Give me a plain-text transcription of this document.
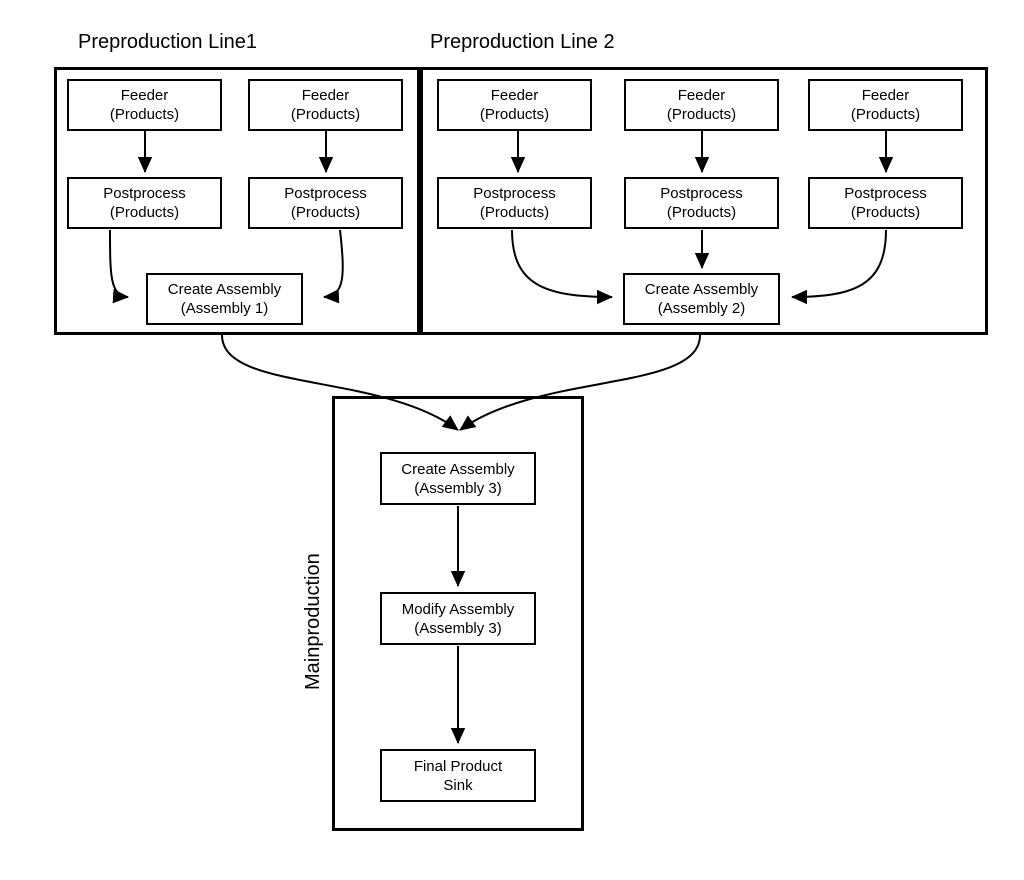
Preproduction Line1	Preproduction Line 2
Mainproduction
Feeder
(Products)
Feeder
(Products)
Postprocess
(Products)
Postprocess
(Products)
Create Assembly
(Assembly 1)
Feeder
(Products)
Feeder
(Products)
Feeder
(Products)
Postprocess
(Products)
Postprocess
(Products)
Postprocess
(Products)
Create Assembly
(Assembly 2)
Create Assembly
(Assembly 3)
Modify Assembly
(Assembly 3)
Final Product
Sink
